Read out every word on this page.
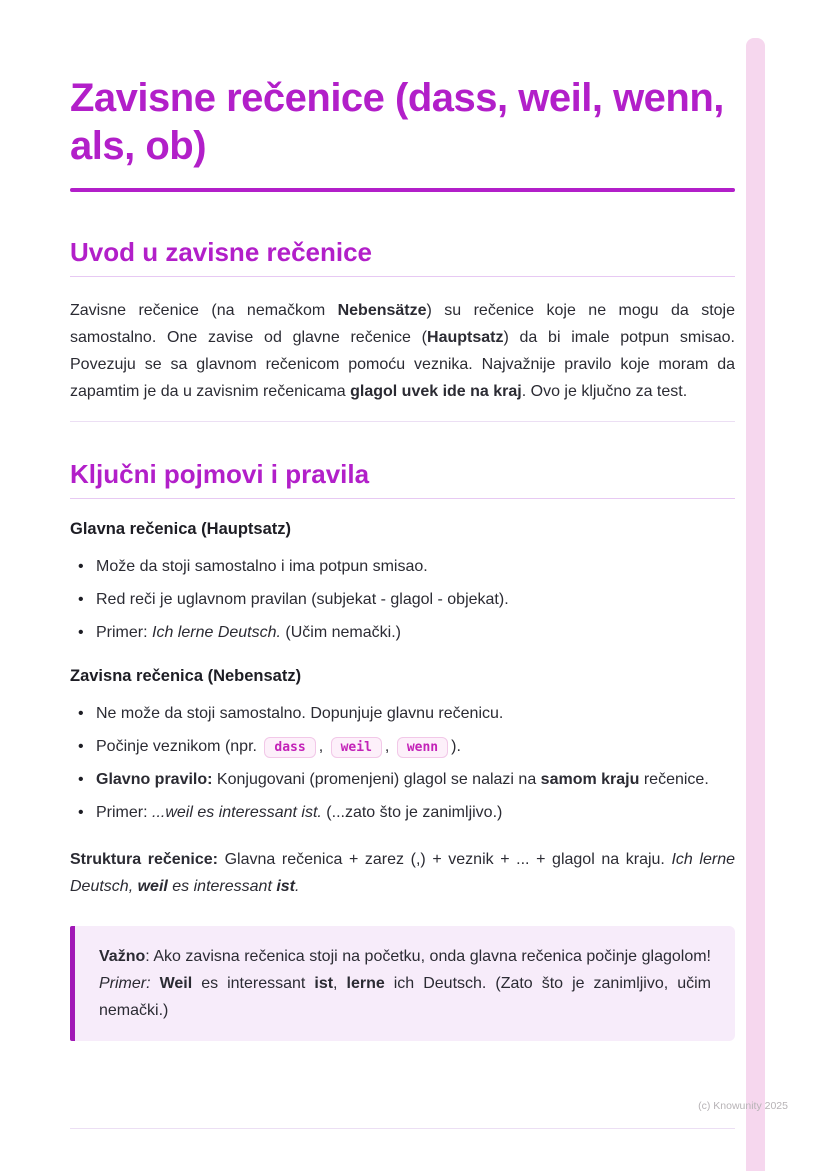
Zavisne rečenice (dass, weil, wenn, als, ob)
Uvod u zavisne rečenice

Zavisne rečenice (na nemačkom Nebensätze) su rečenice koje ne mogu da stoje samostalno. One zavise od glavne rečenice (Hauptsatz) da bi imale potpun smisao. Povezuju se sa glavnom rečenicom pomoću veznika. Najvažnije pravilo koje moram da zapamtim je da u zavisnim rečenicama glagol uvek ide na kraj. Ovo je ključno za test.

Ključni pojmovi i pravila
Glavna rečenica (Hauptsatz)
• Može da stoji samostalno i ima potpun smisao.
• Red reči je uglavnom pravilan (subjekat - glagol - objekat).
• Primer: Ich lerne Deutsch. (Učim nemački.)
Zavisna rečenica (Nebensatz)
• Ne može da stoji samostalno. Dopunjuje glavnu rečenicu.
• Počinje veznikom (npr. dass , weil , wenn ).
• Glavno pravilo: Konjugovani (promenjeni) glagol se nalazi na samom kraju rečenice.
• Primer: ...weil es interessant ist. (...zato što je zanimljivo.)

Struktura rečenice: Glavna rečenica + zarez (,) + veznik + ... + glagol na kraju. Ich lerne Deutsch, weil es interessant ist.

Važno: Ako zavisna rečenica stoji na početku, onda glavna rečenica počinje glagolom! Primer: Weil es interessant ist, lerne ich Deutsch. (Zato što je zanimljivo, učim nemački.)

(c) Knowunity 2025
